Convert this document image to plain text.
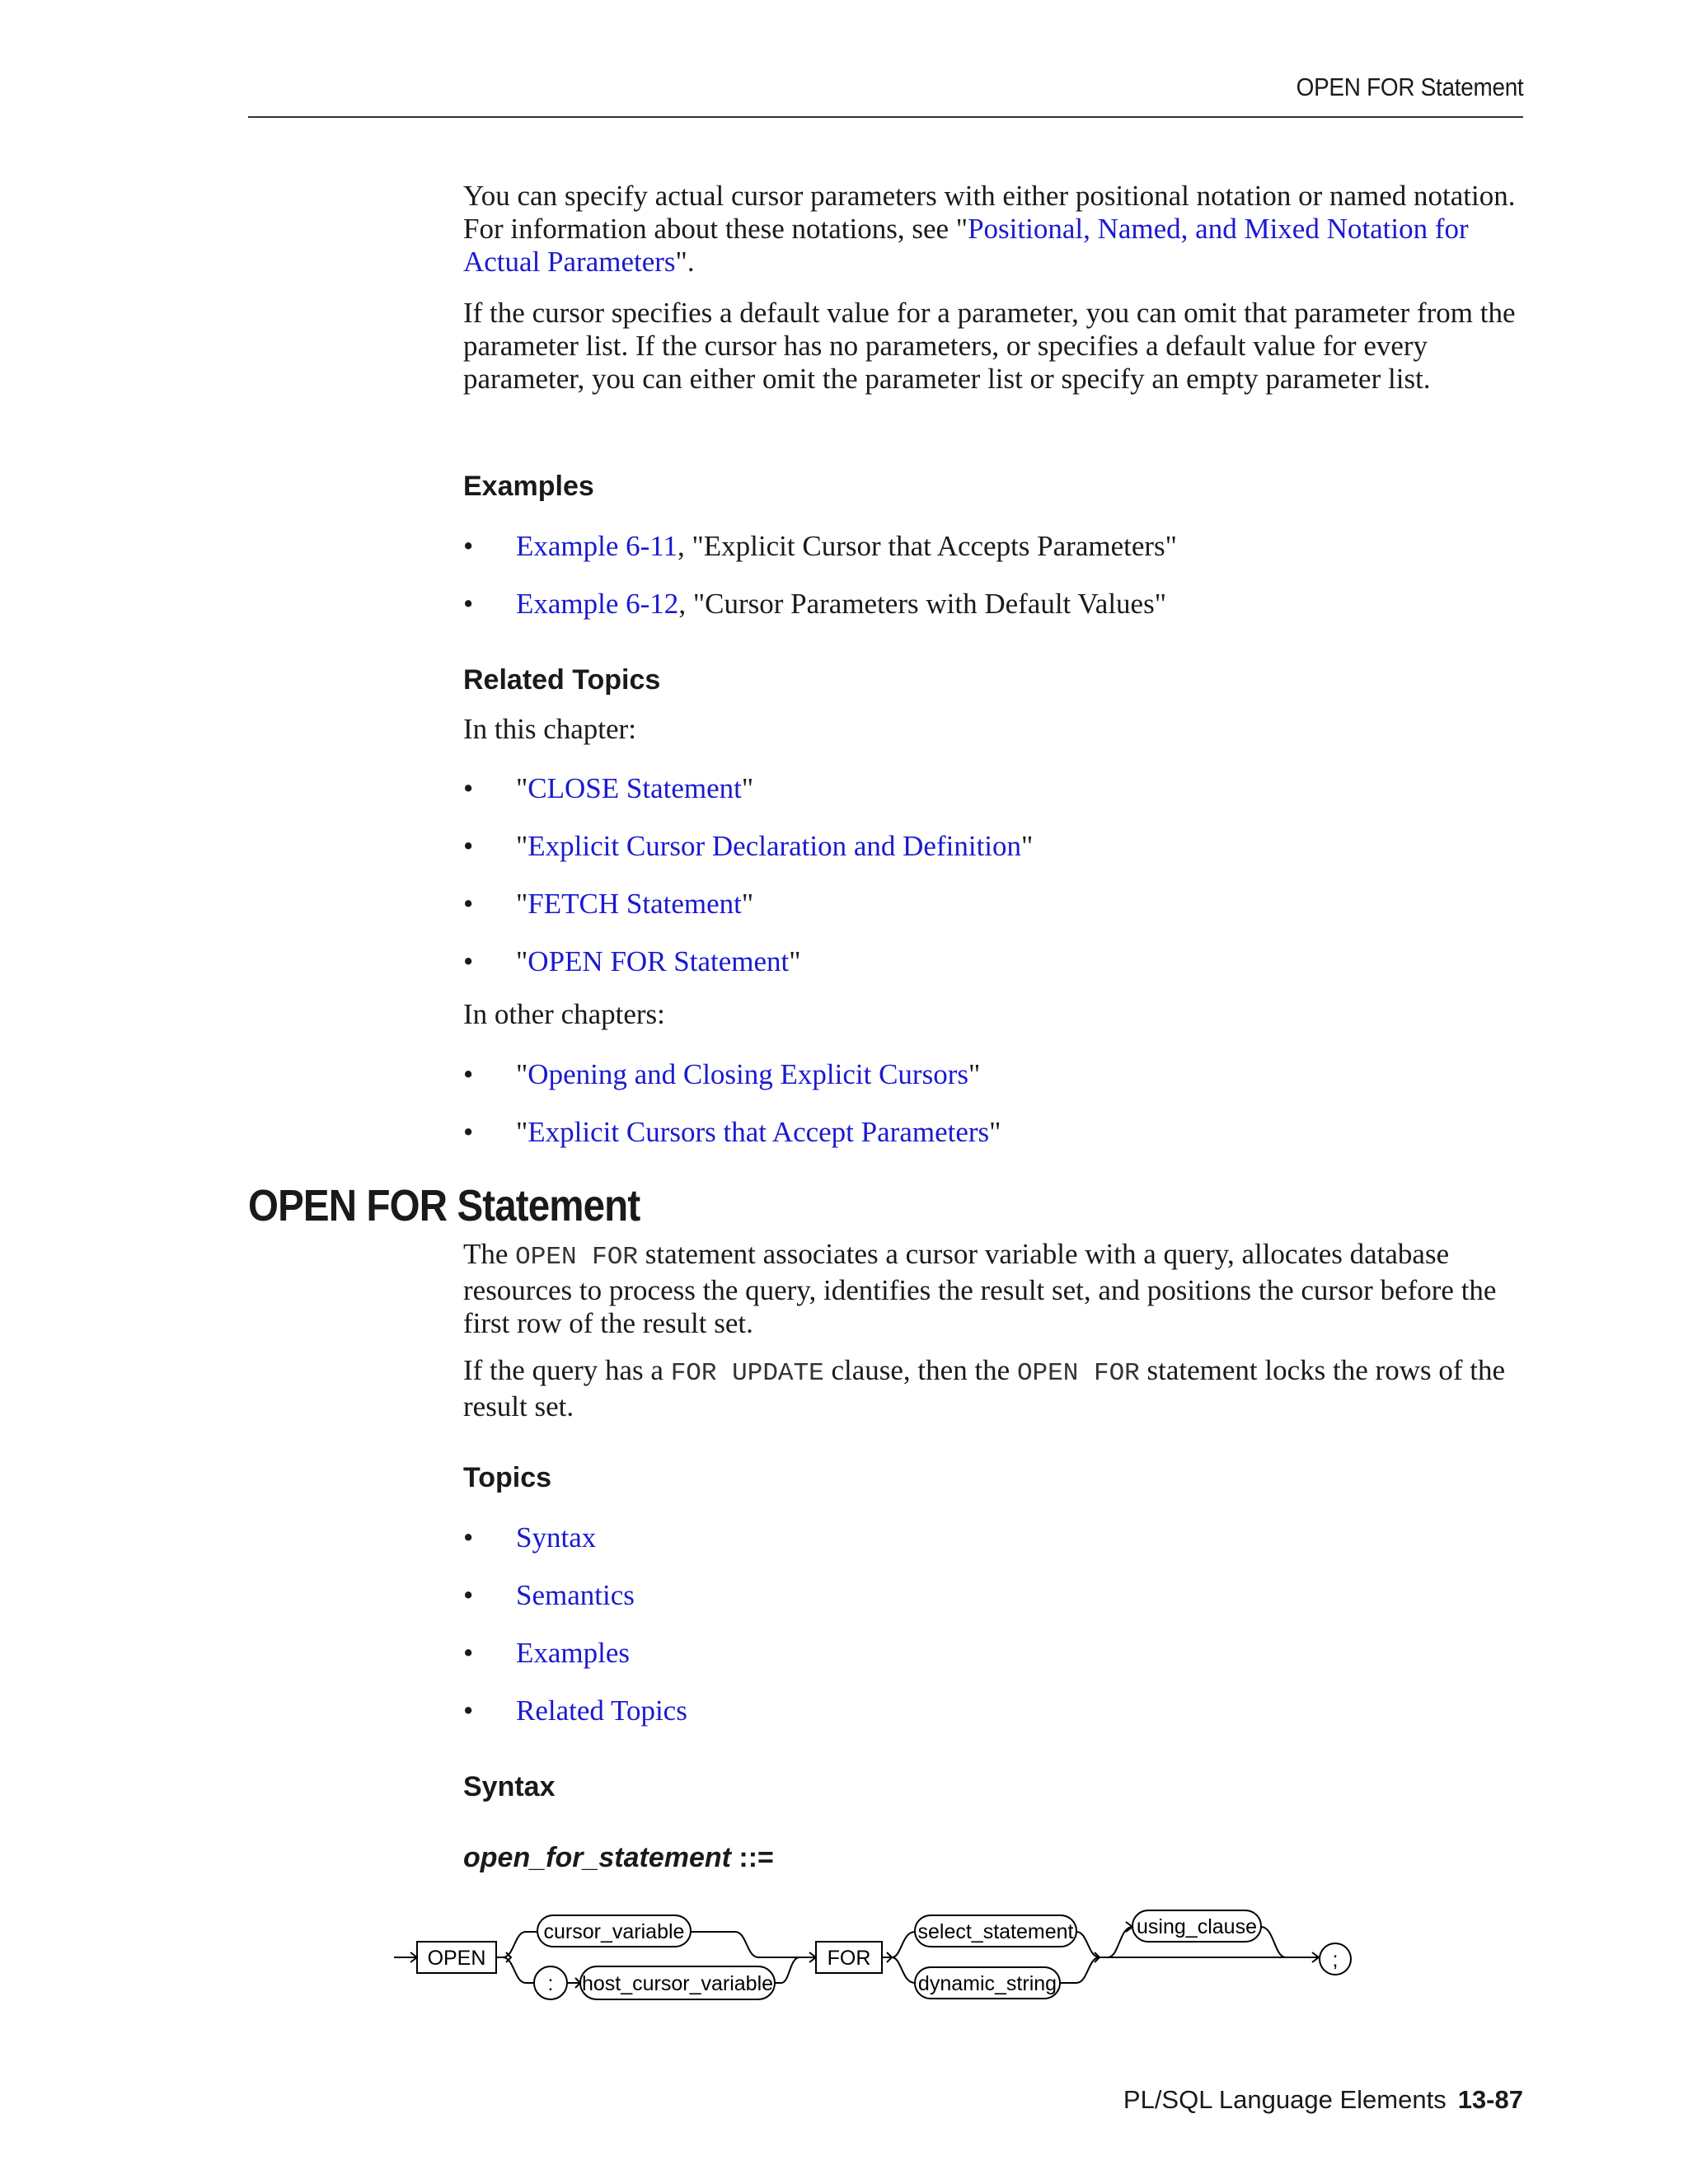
OPEN FOR Statement
You can specify actual cursor parameters with either positional notation or named notation. For information about these notations, see "Positional, Named, and Mixed Notation for Actual Parameters".
If the cursor specifies a default value for a parameter, you can omit that parameter from the parameter list. If the cursor has no parameters, or specifies a default value for every parameter, you can either omit the parameter list or specify an empty parameter list.
Examples
• Example 6-11, "Explicit Cursor that Accepts Parameters"
• Example 6-12, "Cursor Parameters with Default Values"
Related Topics
In this chapter:
• "CLOSE Statement"
• "Explicit Cursor Declaration and Definition"
• "FETCH Statement"
• "OPEN FOR Statement"
In other chapters:
• "Opening and Closing Explicit Cursors"
• "Explicit Cursors that Accept Parameters"
OPEN FOR Statement
The OPEN FOR statement associates a cursor variable with a query, allocates database resources to process the query, identifies the result set, and positions the cursor before the first row of the result set.
If the query has a FOR UPDATE clause, then the OPEN FOR statement locks the rows of the result set.
Topics
• Syntax
• Semantics
• Examples
• Related Topics
Syntax
open_for_statement ::=
OPEN
cursor_variable
: host_cursor_variable
FOR
select_statement
dynamic_string
using_clause
;
PL/SQL Language Elements 13-87
